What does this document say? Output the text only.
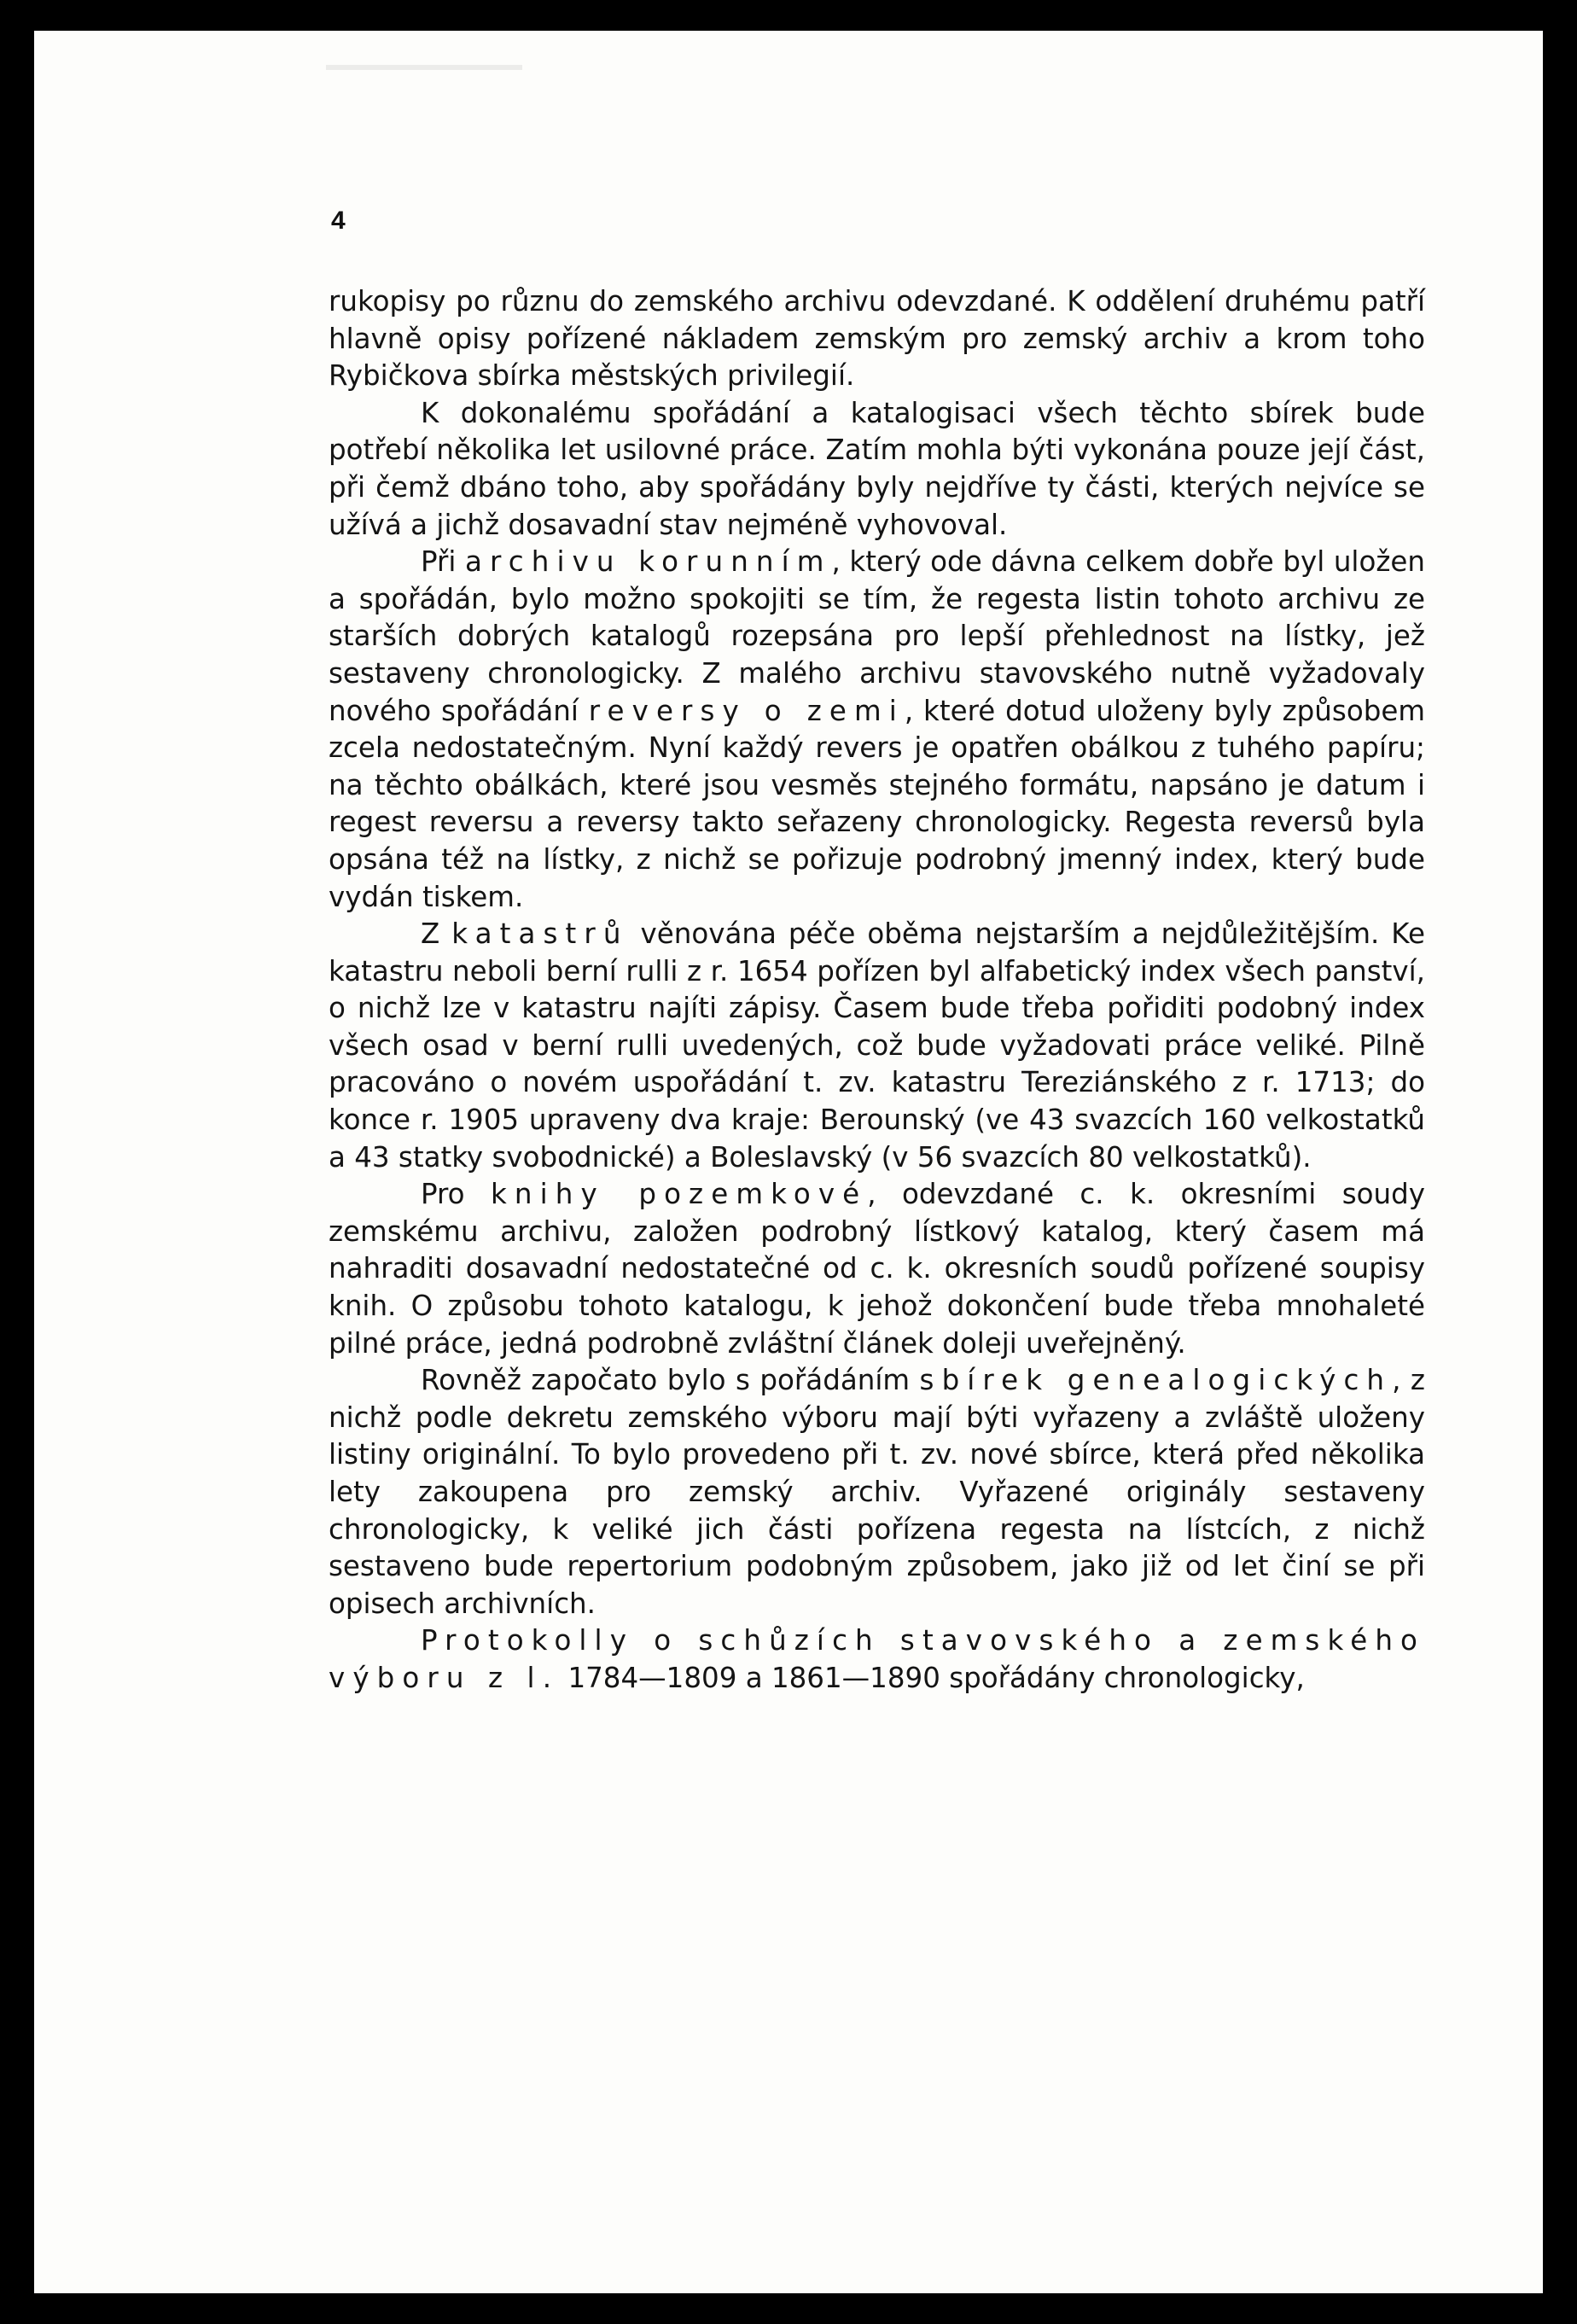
4

rukopisy po různu do zemského archivu odevzdané. K oddělení druhému patří hlavně opisy pořízené nákladem zemským pro zemský archiv a krom toho Rybičkova sbírka městských privilegií.

K dokonalému spořádání a katalogisaci všech těchto sbírek bude potřebí několika let usilovné práce. Zatím mohla býti vykonána pouze její část, při čemž dbáno toho, aby spořádány byly nejdříve ty části, kterých nejvíce se užívá a jichž dosavadní stav nejméně vyhovoval.

Při archivu korunním, který ode dávna celkem dobře byl uložen a spořádán, bylo možno spokojiti se tím, že regesta listin tohoto archivu ze starších dobrých katalogů rozepsána pro lepší přehlednost na lístky, jež sestaveny chronologicky. Z malého archivu stavovského nutně vyžadovaly nového spořádání reversy o zemi, které dotud uloženy byly způsobem zcela nedostatečným. Nyní každý revers je opatřen obálkou z tuhého papíru; na těchto obálkách, které jsou vesměs stejného formátu, napsáno je datum i regest reversu a reversy takto seřazeny chronologicky. Regesta reversů byla opsána též na lístky, z nichž se pořizuje podrobný jmenný index, který bude vydán tiskem.

Z katastrů věnována péče oběma nejstarším a nejdůležitějším. Ke katastru neboli berní rulli z r. 1654 pořízen byl alfabetický index všech panství, o nichž lze v katastru najíti zápisy. Časem bude třeba pořiditi podobný index všech osad v berní rulli uvedených, což bude vyžadovati práce veliké. Pilně pracováno o novém uspořádání t. zv. katastru Tereziánského z r. 1713; do konce r. 1905 upraveny dva kraje: Berounský (ve 43 svazcích 160 velkostatků a 43 statky svobodnické) a Boleslavský (v 56 svazcích 80 velkostatků).

Pro knihy pozemkové, odevzdané c. k. okresními soudy zemskému archivu, založen podrobný lístkový katalog, který časem má nahraditi dosavadní nedostatečné od c. k. okresních soudů pořízené soupisy knih. O způsobu tohoto katalogu, k jehož dokončení bude třeba mnohaleté pilné práce, jedná podrobně zvláštní článek doleji uveřejněný.

Rovněž započato bylo s pořádáním sbírek genealogických, z nichž podle dekretu zemského výboru mají býti vyřazeny a zvláště uloženy listiny originální. To bylo provedeno při t. zv. nové sbírce, která před několika lety zakoupena pro zemský archiv. Vyřazené originály sestaveny chronologicky, k veliké jich části pořízena regesta na lístcích, z nichž sestaveno bude repertorium podobným způsobem, jako již od let činí se při opisech archivních.

Protokolly o schůzích stavovského a zemského výboru z l. 1784—1809 a 1861—1890 spořádány chronologicky,
